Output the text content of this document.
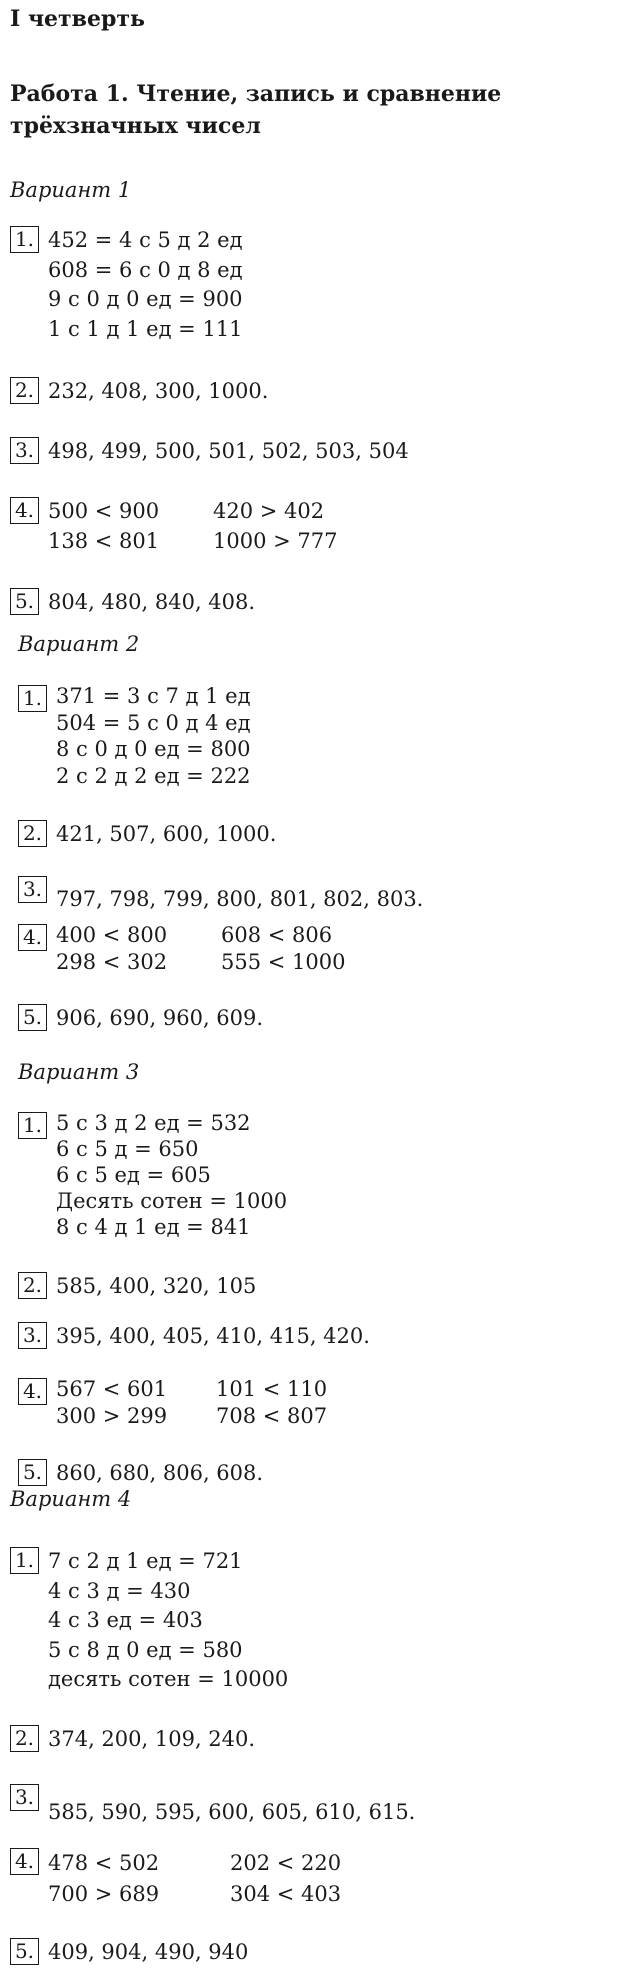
I четверть
Работа 1. Чтение, запись и сравнение трёхзначных чисел
Вариант 1
1. 452 = 4 с 5 д 2 ед
608 = 6 с 0 д 8 ед
9 с 0 д 0 ед = 900
1 с 1 д 1 ед = 111
2. 232, 408, 300, 1000.
3. 498, 499, 500, 501, 502, 503, 504
4. 500 < 900	420 > 402
138 < 801	1000 > 777
5. 804, 480, 840, 408.
Вариант 2
1. 371 = 3 с 7 д 1 ед
504 = 5 с 0 д 4 ед
8 с 0 д 0 ед = 800
2 с 2 д 2 ед = 222
2. 421, 507, 600, 1000.
3. 797, 798, 799, 800, 801, 802, 803.
4. 400 < 800	608 < 806
298 < 302	555 < 1000
5. 906, 690, 960, 609.
Вариант 3
1. 5 с 3 д 2 ед = 532
6 с 5 д = 650
6 с 5 ед = 605
Десять сотен = 1000
8 с 4 д 1 ед = 841
2. 585, 400, 320, 105
3. 395, 400, 405, 410, 415, 420.
4. 567 < 601 101 < 110
300 > 299 708 < 807
5. 860, 680, 806, 608.
Вариант 4
1. 7 с 2 д 1 ед = 721
4 с 3 д = 430
4 с 3 ед = 403
5 с 8 д 0 ед = 580
десять сотен = 10000
2. 374, 200, 109, 240.
3.
585, 590, 595, 600, 605, 610, 615.
4. 478 < 502	202 < 220
700 > 689	304 < 403
5. 409, 904, 490, 940
